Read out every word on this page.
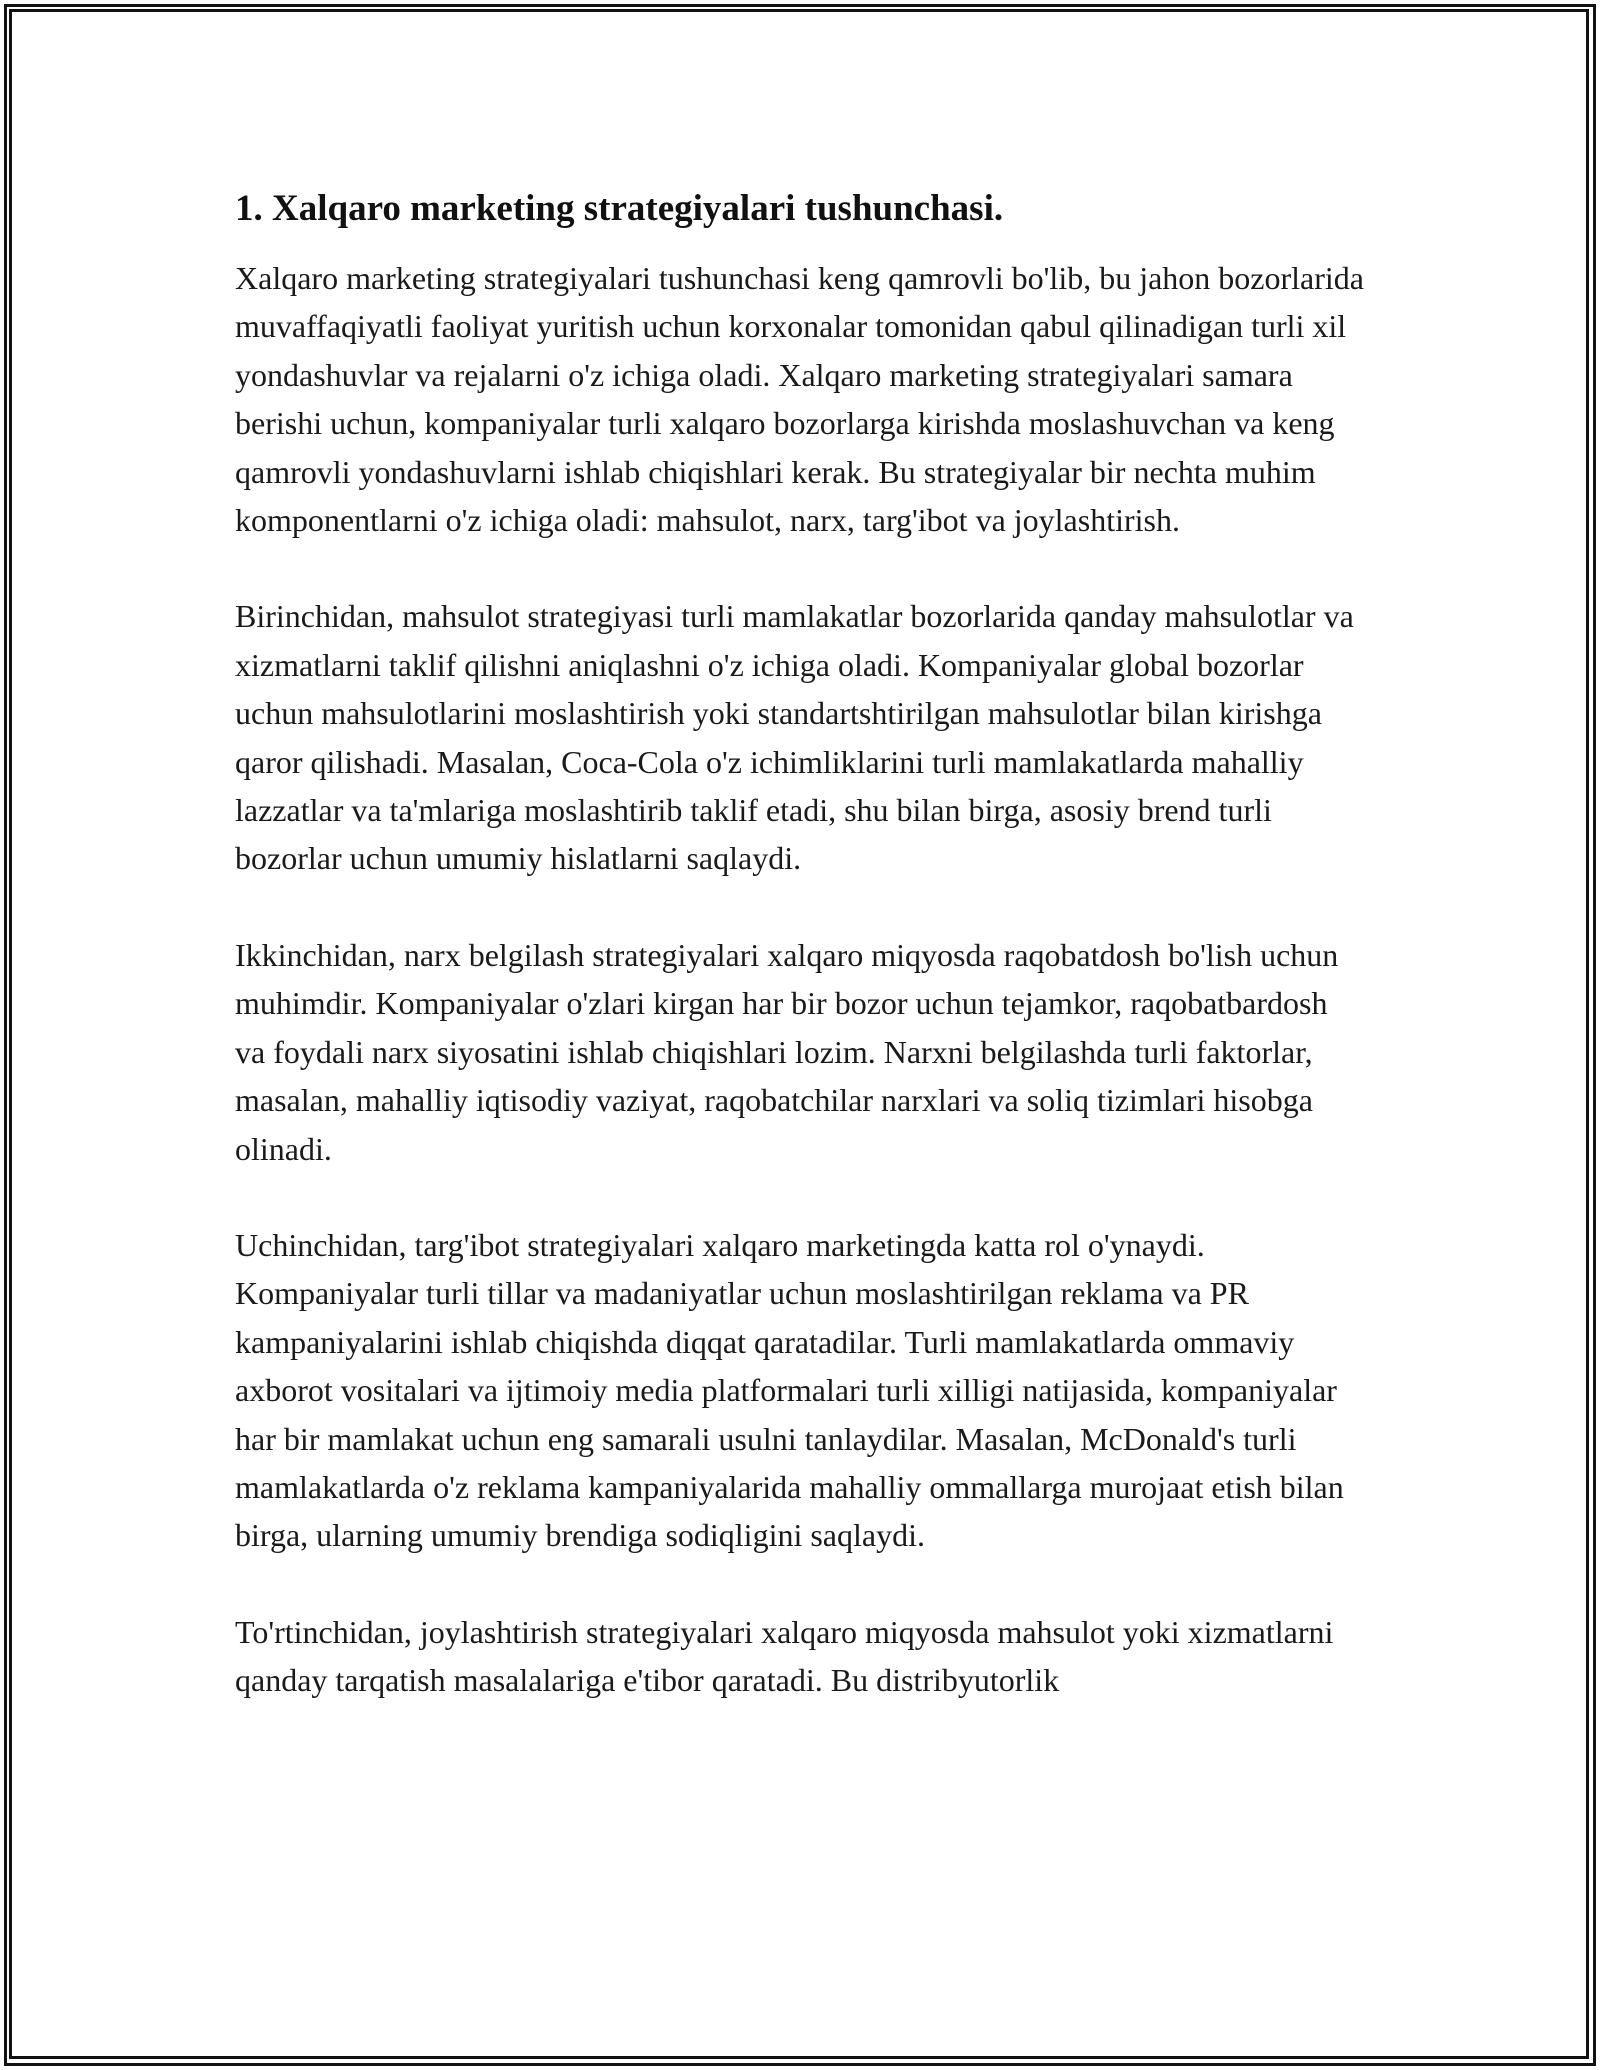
1. Xalqaro marketing strategiyalari tushunchasi.

Xalqaro marketing strategiyalari tushunchasi keng qamrovli bo'lib, bu jahon bozorlarida muvaffaqiyatli faoliyat yuritish uchun korxonalar tomonidan qabul qilinadigan turli xil yondashuvlar va rejalarni o'z ichiga oladi. Xalqaro marketing strategiyalari samara berishi uchun, kompaniyalar turli xalqaro bozorlarga kirishda moslashuvchan va keng qamrovli yondashuvlarni ishlab chiqishlari kerak. Bu strategiyalar bir nechta muhim komponentlarni o'z ichiga oladi: mahsulot, narx, targ'ibot va joylashtirish.

Birinchidan, mahsulot strategiyasi turli mamlakatlar bozorlarida qanday mahsulotlar va xizmatlarni taklif qilishni aniqlashni o'z ichiga oladi. Kompaniyalar global bozorlar uchun mahsulotlarini moslashtirish yoki standartshtirilgan mahsulotlar bilan kirishga qaror qilishadi. Masalan, Coca-Cola o'z ichimliklarini turli mamlakatlarda mahalliy lazzatlar va ta'mlariga moslashtirib taklif etadi, shu bilan birga, asosiy brend turli bozorlar uchun umumiy hislatlarni saqlaydi.

Ikkinchidan, narx belgilash strategiyalari xalqaro miqyosda raqobatdosh bo'lish uchun muhimdir. Kompaniyalar o'zlari kirgan har bir bozor uchun tejamkor, raqobatbardosh va foydali narx siyosatini ishlab chiqishlari lozim. Narxni belgilashda turli faktorlar, masalan, mahalliy iqtisodiy vaziyat, raqobatchilar narxlari va soliq tizimlari hisobga olinadi.

Uchinchidan, targ'ibot strategiyalari xalqaro marketingda katta rol o'ynaydi. Kompaniyalar turli tillar va madaniyatlar uchun moslashtirilgan reklama va PR kampaniyalarini ishlab chiqishda diqqat qaratadilar. Turli mamlakatlarda ommaviy axborot vositalari va ijtimoiy media platformalari turli xilligi natijasida, kompaniyalar har bir mamlakat uchun eng samarali usulni tanlaydilar. Masalan, McDonald's turli mamlakatlarda o'z reklama kampaniyalarida mahalliy ommallarga murojaat etish bilan birga, ularning umumiy brendiga sodiqligini saqlaydi.

To'rtinchidan, joylashtirish strategiyalari xalqaro miqyosda mahsulot yoki xizmatlarni qanday tarqatish masalalariga e'tibor qaratadi. Bu distribyutorlik
